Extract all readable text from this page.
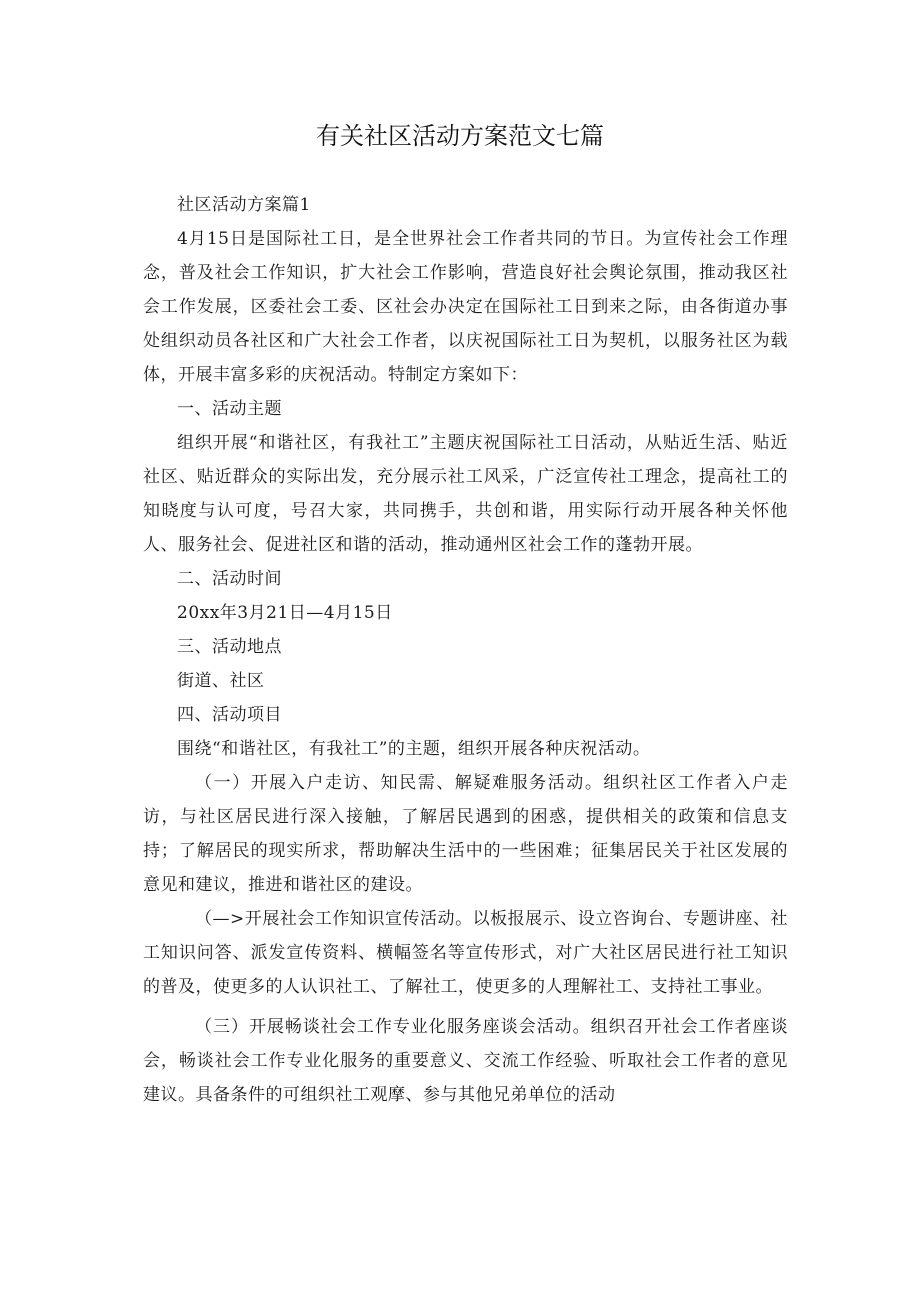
有关社区活动方案范文七篇

社区活动方案篇1

4月15日是国际社工日，是全世界社会工作者共同的节日。为宣传社会工作理念，普及社会工作知识，扩大社会工作影响，营造良好社会舆论氛围，推动我区社会工作发展，区委社会工委、区社会办决定在国际社工日到来之际，由各街道办事处组织动员各社区和广大社会工作者，以庆祝国际社工日为契机，以服务社区为载体，开展丰富多彩的庆祝活动。特制定方案如下：

一、活动主题

组织开展“和谐社区，有我社工”主题庆祝国际社工日活动，从贴近生活、贴近社区、贴近群众的实际出发，充分展示社工风采，广泛宣传社工理念，提高社工的知晓度与认可度，号召大家，共同携手，共创和谐，用实际行动开展各种关怀他人、服务社会、促进社区和谐的活动，推动通州区社会工作的蓬勃开展。

二、活动时间

20xx年3月21日—4月15日

三、活动地点

街道、社区

四、活动项目

围绕“和谐社区，有我社工”的主题，组织开展各种庆祝活动。

（一）开展入户走访、知民需、解疑难服务活动。组织社区工作者入户走访，与社区居民进行深入接触，了解居民遇到的困惑，提供相关的政策和信息支持；了解居民的现实所求，帮助解决生活中的一些困难；征集居民关于社区发展的意见和建议，推进和谐社区的建设。

（—>开展社会工作知识宣传活动。以板报展示、设立咨询台、专题讲座、社工知识问答、派发宣传资料、横幅签名等宣传形式，对广大社区居民进行社工知识的普及，使更多的人认识社工、了解社工，使更多的人理解社工、支持社工事业。

（三）开展畅谈社会工作专业化服务座谈会活动。组织召开社会工作者座谈会，畅谈社会工作专业化服务的重要意义、交流工作经验、听取社会工作者的意见建议。具备条件的可组织社工观摩、参与其他兄弟单位的活动
